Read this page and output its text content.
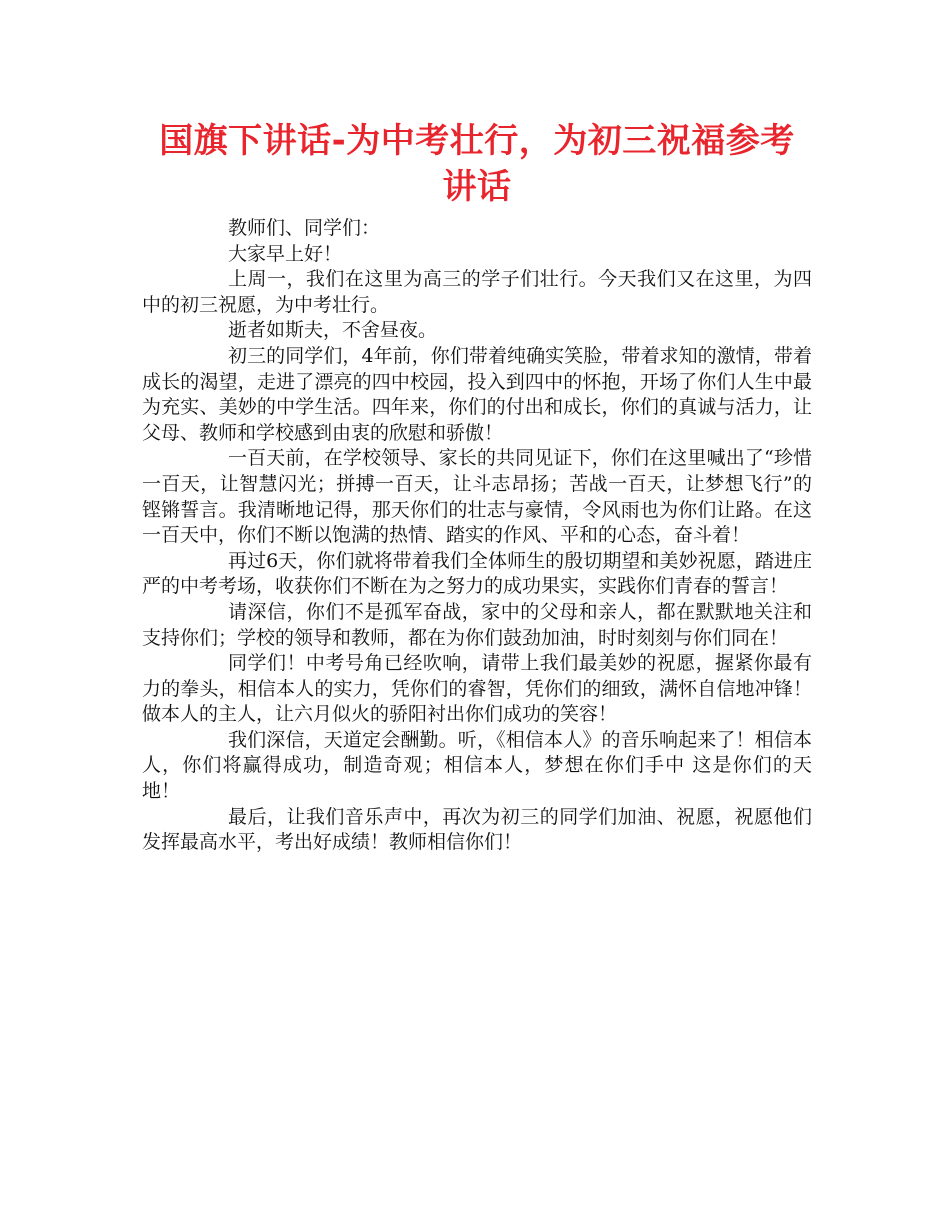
国旗下讲话-为中考壮行，为初三祝福参考讲话

教师们、同学们：

大家早上好！

上周一，我们在这里为高三的学子们壮行。今天我们又在这里，为四中的初三祝愿，为中考壮行。

逝者如斯夫，不舍昼夜。

初三的同学们，4年前，你们带着纯确实笑脸，带着求知的激情，带着成长的渴望，走进了漂亮的四中校园，投入到四中的怀抱，开场了你们人生中最为充实、美妙的中学生活。四年来，你们的付出和成长，你们的真诚与活力，让父母、教师和学校感到由衷的欣慰和骄傲！

一百天前，在学校领导、家长的共同见证下，你们在这里喊出了“珍惜一百天，让智慧闪光；拼搏一百天，让斗志昂扬；苦战一百天，让梦想飞行”的铿锵誓言。我清晰地记得，那天你们的壮志与豪情，令风雨也为你们让路。在这一百天中，你们不断以饱满的热情、踏实的作风、平和的心态，奋斗着！

再过6天，你们就将带着我们全体师生的殷切期望和美妙祝愿，踏进庄严的中考考场，收获你们不断在为之努力的成功果实，实践你们青春的誓言！

请深信，你们不是孤军奋战，家中的父母和亲人，都在默默地关注和支持你们；学校的领导和教师，都在为你们鼓劲加油，时时刻刻与你们同在！

同学们！中考号角已经吹响，请带上我们最美妙的祝愿，握紧你最有力的拳头，相信本人的实力，凭你们的睿智，凭你们的细致，满怀自信地冲锋！做本人的主人，让六月似火的骄阳衬出你们成功的笑容！

我们深信，天道定会酬勤。听，《相信本人》的音乐响起来了！相信本人，你们将赢得成功，制造奇观；相信本人，梦想在你们手中 这是你们的天地！

最后，让我们音乐声中，再次为初三的同学们加油、祝愿，祝愿他们发挥最高水平，考出好成绩！教师相信你们！
